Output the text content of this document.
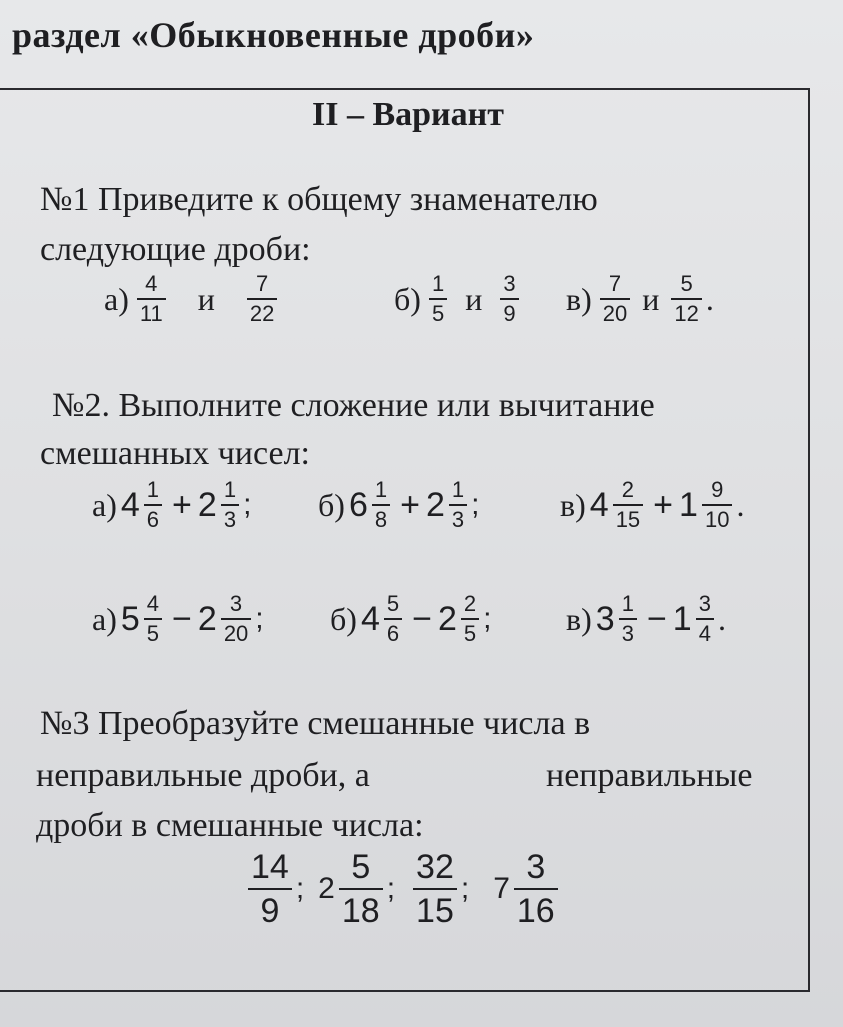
раздел «Обыкновенные дроби»
II – Вариант
№1 Приведите к общему знаменателю
следующие дроби:
$а) \frac{4}{11}$ и $\frac{7}{22}$	$б) \frac{1}{5}$ и $\frac{3}{9} в) \frac{7}{20}$ и $\frac{5}{12}$ .
№2. Выполните сложение или вычитание
смешанных чисел:
а) $4 \frac{1}{6} + 2 \frac{1}{3}$ ; б) $6 \frac{1}{8} + 2 \frac{1}{3}$ ;	в) $4 \frac{2}{15} + 1 \frac{9}{10}$ .
а) $5 \frac{4}{5} - 2 \frac{3}{20}$ ; б) $4 \frac{5}{6} - 2 \frac{2}{5}$ ; в) $3 \frac{1}{3} - 1 \frac{3}{4}$ .
№3 Преобразуйте смешанные числа в
неправильные дроби, а	неправильные
дроби в смешанные числа:
$\frac{14}{9}$ ; $2 \frac{5}{18}$ ; $\frac{32}{15}$ ; $7 \frac{3}{16}$
